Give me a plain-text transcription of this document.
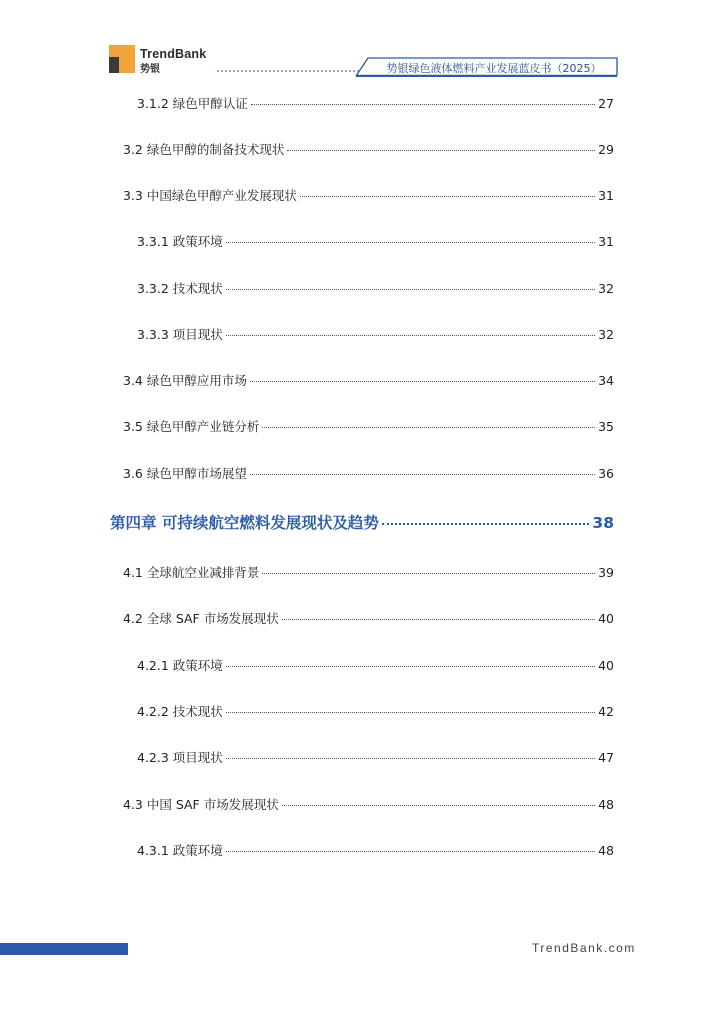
TrendBank
势银	势银绿色液体燃料产业发展蓝皮书（2025）
3.1.2 绿色甲醇认证	27
3.2 绿色甲醇的制备技术现状	29
3.3 中国绿色甲醇产业发展现状	31
3.3.1 政策环境	31
3.3.2 技术现状	32
3.3.3 项目现状	32
3.4 绿色甲醇应用市场	34
3.5 绿色甲醇产业链分析	35
3.6 绿色甲醇市场展望	36
第四章 可持续航空燃料发展现状及趋势	38
4.1 全球航空业减排背景	39
4.2 全球 SAF 市场发展现状	40
4.2.1 政策环境	40
4.2.2 技术现状	42
4.2.3 项目现状	47
4.3 中国 SAF 市场发展现状	48
4.3.1 政策环境	48
TrendBank.com
